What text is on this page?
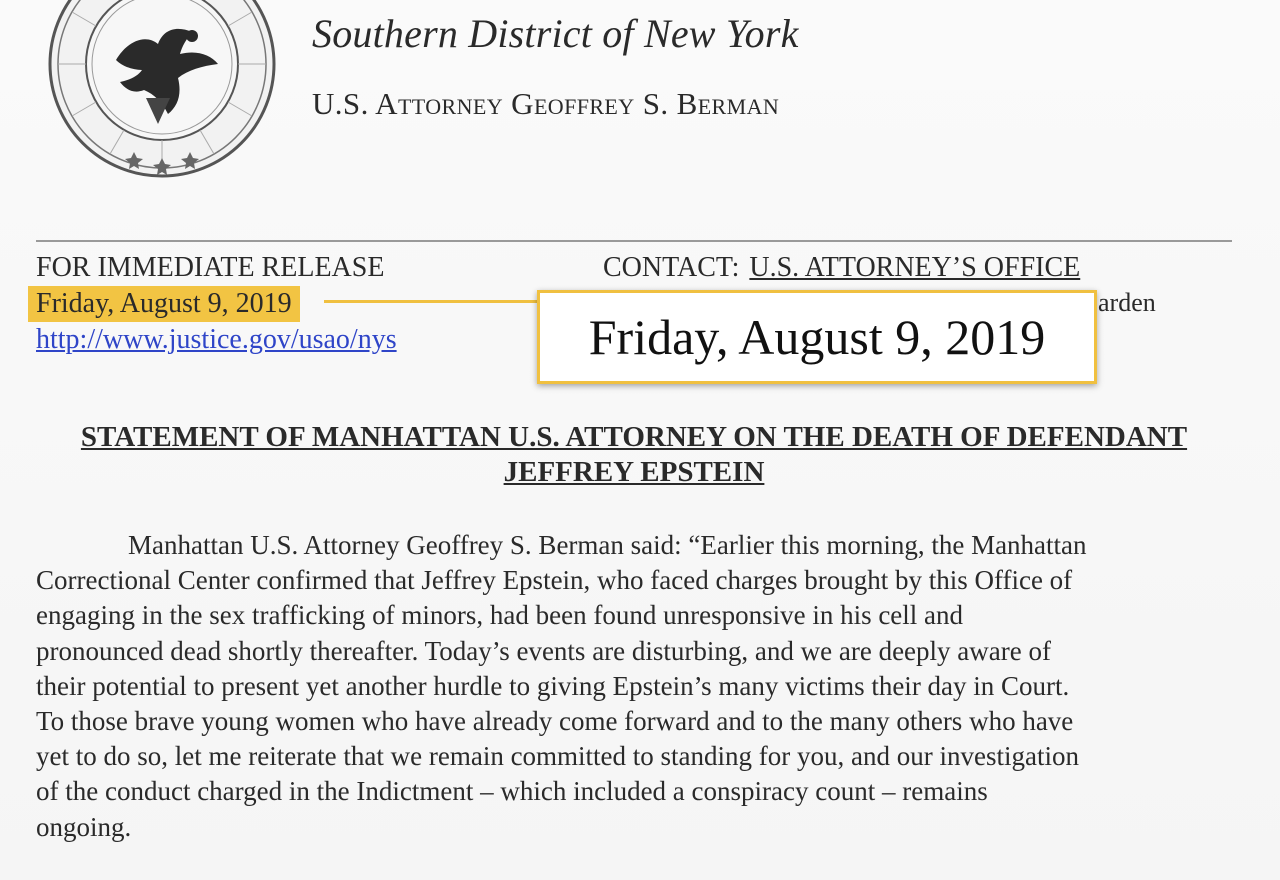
Southern District of New York
U.S. Attorney Geoffrey S. Berman
FOR IMMEDIATE RELEASE
Friday, August 9, 2019
http://www.justice.gov/usao/nys
CONTACT: U.S. ATTORNEY’S OFFICE
arden
Friday, August 9, 2019
STATEMENT OF MANHATTAN U.S. ATTORNEY ON THE DEATH OF DEFENDANT
JEFFREY EPSTEIN
Manhattan U.S. Attorney Geoffrey S. Berman said: “Earlier this morning, the Manhattan
Correctional Center confirmed that Jeffrey Epstein, who faced charges brought by this Office of
engaging in the sex trafficking of minors, had been found unresponsive in his cell and
pronounced dead shortly thereafter. Today’s events are disturbing, and we are deeply aware of
their potential to present yet another hurdle to giving Epstein’s many victims their day in Court.
To those brave young women who have already come forward and to the many others who have
yet to do so, let me reiterate that we remain committed to standing for you, and our investigation
of the conduct charged in the Indictment – which included a conspiracy count – remains
ongoing.
